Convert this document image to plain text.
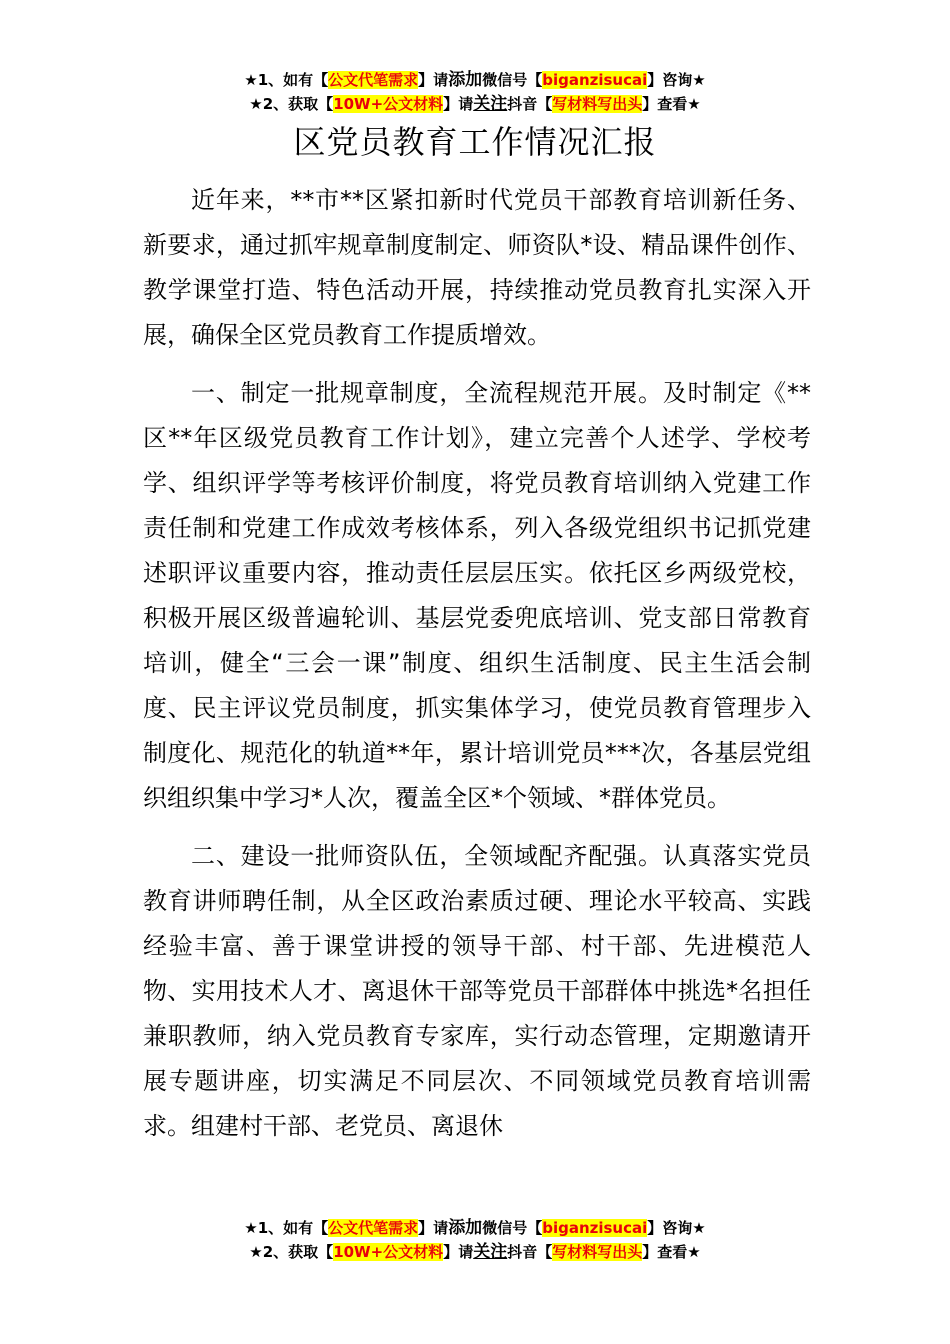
★1、如有【公文代笔需求】请添加微信号【biganzisucai】咨询★
★2、获取【10W+公文材料】请关注抖音【写材料写出头】查看★
区党员教育工作情况汇报

近年来，**市**区紧扣新时代党员干部教育培训新任务、新要求，通过抓牢规章制度制定、师资队*设、精品课件创作、教学课堂打造、特色活动开展，持续推动党员教育扎实深入开展，确保全区党员教育工作提质增效。

一、制定一批规章制度，全流程规范开展。及时制定《**区**年区级党员教育工作计划》，建立完善个人述学、学校考学、组织评学等考核评价制度，将党员教育培训纳入党建工作责任制和党建工作成效考核体系，列入各级党组织书记抓党建述职评议重要内容，推动责任层层压实。依托区乡两级党校，积极开展区级普遍轮训、基层党委兜底培训、党支部日常教育培训，健全“三会一课”制度、组织生活制度、民主生活会制度、民主评议党员制度，抓实集体学习，使党员教育管理步入制度化、规范化的轨道**年，累计培训党员***次，各基层党组织组织集中学习*人次，覆盖全区*个领域、*群体党员。

二、建设一批师资队伍，全领域配齐配强。认真落实党员教育讲师聘任制，从全区政治素质过硬、理论水平较高、实践经验丰富、善于课堂讲授的领导干部、村干部、先进模范人物、实用技术人才、离退休干部等党员干部群体中挑选*名担任兼职教师，纳入党员教育专家库，实行动态管理，定期邀请开展专题讲座，切实满足不同层次、不同领域党员教育培训需求。组建村干部、老党员、离退休

★1、如有【公文代笔需求】请添加微信号【biganzisucai】咨询★
★2、获取【10W+公文材料】请关注抖音【写材料写出头】查看★
